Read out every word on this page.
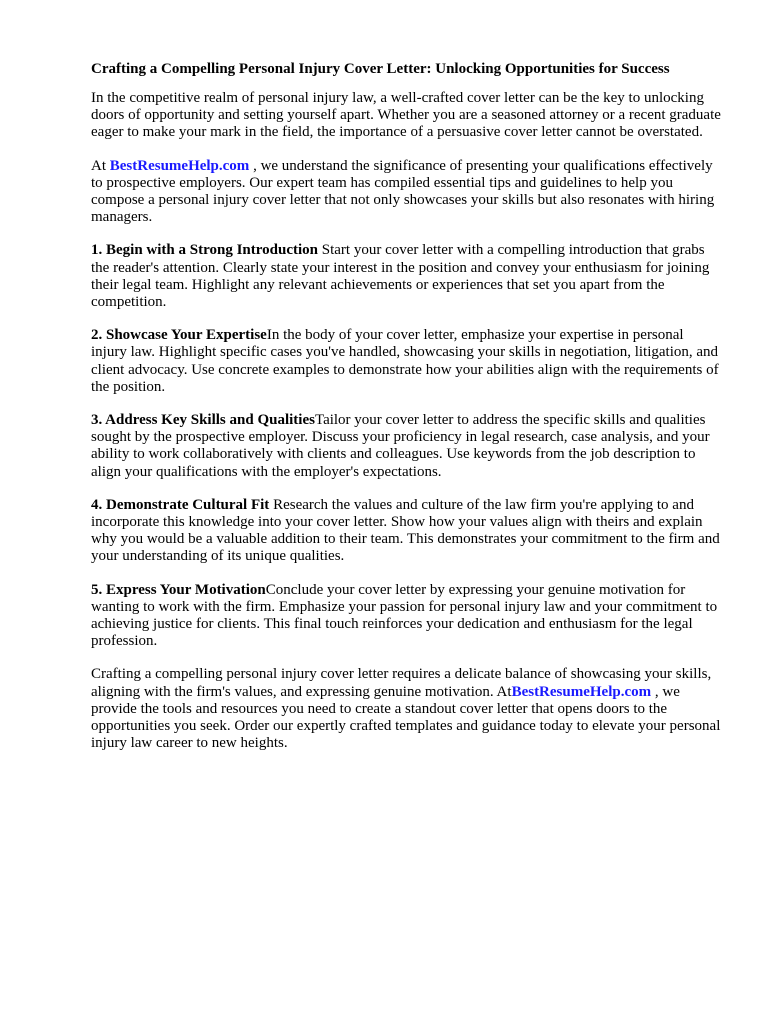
Crafting a Compelling Personal Injury Cover Letter: Unlocking Opportunities for Success

In the competitive realm of personal injury law, a well-crafted cover letter can be the key to unlocking doors of opportunity and setting yourself apart. Whether you are a seasoned attorney or a recent graduate eager to make your mark in the field, the importance of a persuasive cover letter cannot be overstated.

At BestResumeHelp.com , we understand the significance of presenting your qualifications effectively to prospective employers. Our expert team has compiled essential tips and guidelines to help you compose a personal injury cover letter that not only showcases your skills but also resonates with hiring managers.

1. Begin with a Strong Introduction Start your cover letter with a compelling introduction that grabs the reader's attention. Clearly state your interest in the position and convey your enthusiasm for joining their legal team. Highlight any relevant achievements or experiences that set you apart from the competition.

2. Showcase Your ExpertiseIn the body of your cover letter, emphasize your expertise in personal injury law. Highlight specific cases you've handled, showcasing your skills in negotiation, litigation, and client advocacy. Use concrete examples to demonstrate how your abilities align with the requirements of the position.

3. Address Key Skills and QualitiesTailor your cover letter to address the specific skills and qualities sought by the prospective employer. Discuss your proficiency in legal research, case analysis, and your ability to work collaboratively with clients and colleagues. Use keywords from the job description to align your qualifications with the employer's expectations.

4. Demonstrate Cultural Fit Research the values and culture of the law firm you're applying to and incorporate this knowledge into your cover letter. Show how your values align with theirs and explain why you would be a valuable addition to their team. This demonstrates your commitment to the firm and your understanding of its unique qualities.

5. Express Your MotivationConclude your cover letter by expressing your genuine motivation for wanting to work with the firm. Emphasize your passion for personal injury law and your commitment to achieving justice for clients. This final touch reinforces your dedication and enthusiasm for the legal profession.

Crafting a compelling personal injury cover letter requires a delicate balance of showcasing your skills, aligning with the firm's values, and expressing genuine motivation. AtBestResumeHelp.com , we provide the tools and resources you need to create a standout cover letter that opens doors to the opportunities you seek. Order our expertly crafted templates and guidance today to elevate your personal injury law career to new heights.
